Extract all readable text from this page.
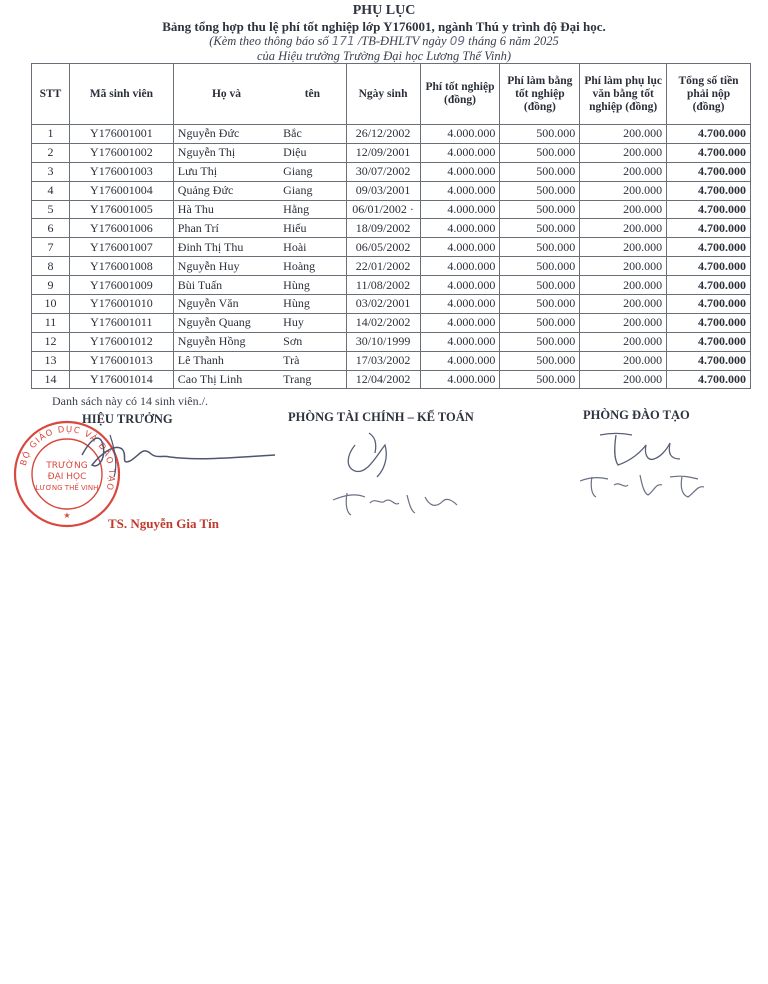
PHỤ LỤC
Bảng tổng hợp thu lệ phí tốt nghiệp lớp Y176001, ngành Thú y trình độ Đại học.
(Kèm theo thông báo số 171 /TB-ĐHLTV ngày 09 tháng 6 năm 2025
của Hiệu trưởng Trường Đại học Lương Thế Vinh)
STT	Mã sinh viên	Họ và	tên	Ngày sinh	Phí tốt nghiệp (đồng)	Phí làm bằng tốt nghiệp (đồng)	Phí làm phụ lục văn bằng tốt nghiệp (đồng)	Tổng số tiền phải nộp (đồng)
1	Y176001001	Nguyễn Đức	Bắc	26/12/2002	4.000.000	500.000	200.000	4.700.000
2	Y176001002	Nguyễn Thị	Diệu	12/09/2001	4.000.000	500.000	200.000	4.700.000
3	Y176001003	Lưu Thị	Giang	30/07/2002	4.000.000	500.000	200.000	4.700.000
4	Y176001004	Quảng Đức	Giang	09/03/2001	4.000.000	500.000	200.000	4.700.000
5	Y176001005	Hà Thu	Hằng	06/01/2002 ·	4.000.000	500.000	200.000	4.700.000
6	Y176001006	Phan Trí	Hiếu	18/09/2002	4.000.000	500.000	200.000	4.700.000
7	Y176001007	Đinh Thị Thu	Hoài	06/05/2002	4.000.000	500.000	200.000	4.700.000
8	Y176001008	Nguyễn Huy	Hoàng	22/01/2002	4.000.000	500.000	200.000	4.700.000
9	Y176001009	Bùi Tuấn	Hùng	11/08/2002	4.000.000	500.000	200.000	4.700.000
10	Y176001010	Nguyễn Văn	Hùng	03/02/2001	4.000.000	500.000	200.000	4.700.000
11	Y176001011	Nguyễn Quang	Huy	14/02/2002	4.000.000	500.000	200.000	4.700.000
12	Y176001012	Nguyễn Hồng	Sơn	30/10/1999	4.000.000	500.000	200.000	4.700.000
13	Y176001013	Lê Thanh	Trà	17/03/2002	4.000.000	500.000	200.000	4.700.000
14	Y176001014	Cao Thị Linh	Trang	12/04/2002	4.000.000	500.000	200.000	4.700.000
Danh sách này có 14 sinh viên./.
HIỆU TRƯỞNG	PHÒNG TÀI CHÍNH – KẾ TOÁN	PHÒNG ĐÀO TẠO
BỘ GIÁO DỤC VÀ ĐÀO TẠO
TRƯỜNG
ĐẠI HỌC
LƯƠNG THẾ VINH
★
TS. Nguyễn Gia Tín
